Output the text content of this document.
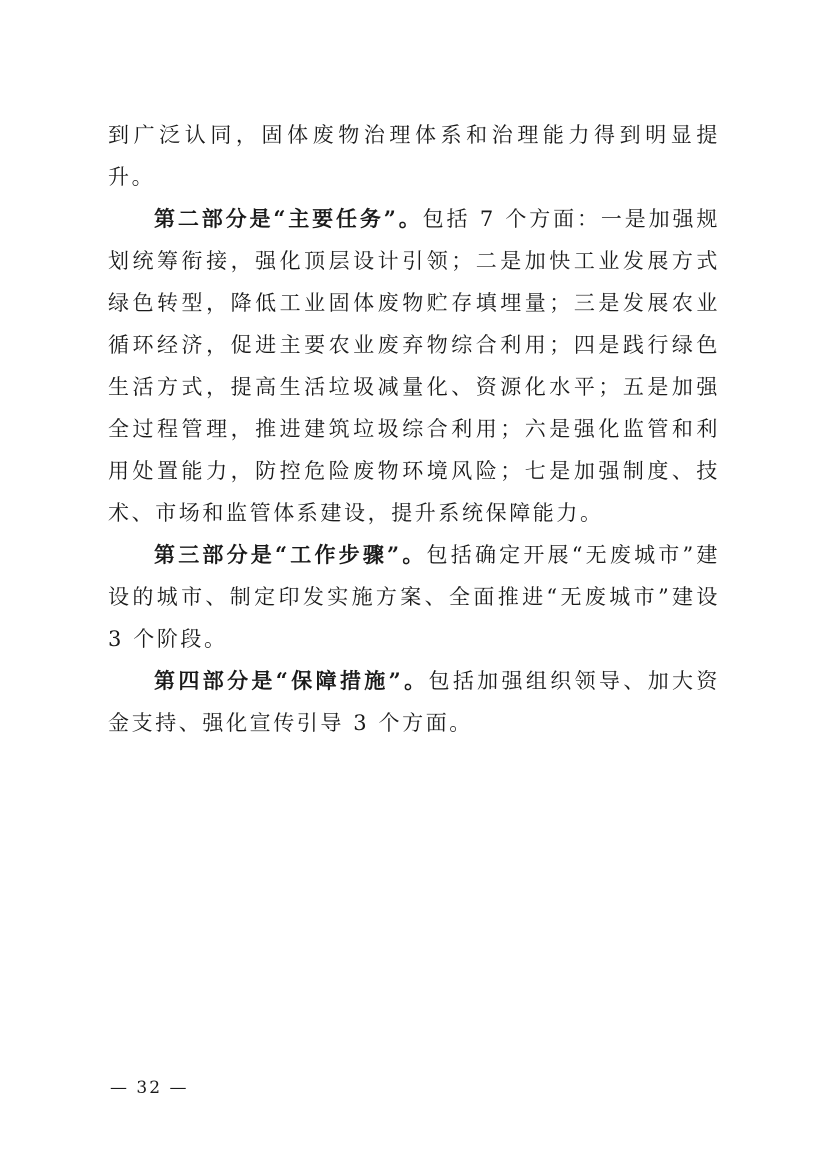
到广泛认同，固体废物治理体系和治理能力得到明显提升。

第二部分是“主要任务”。包括 7 个方面：一是加强规划统筹衔接，强化顶层设计引领；二是加快工业发展方式绿色转型，降低工业固体废物贮存填埋量；三是发展农业循环经济，促进主要农业废弃物综合利用；四是践行绿色生活方式，提高生活垃圾减量化、资源化水平；五是加强全过程管理，推进建筑垃圾综合利用；六是强化监管和利用处置能力，防控危险废物环境风险；七是加强制度、技术、市场和监管体系建设，提升系统保障能力。

第三部分是“工作步骤”。包括确定开展“无废城市”建设的城市、制定印发实施方案、全面推进“无废城市”建设 3 个阶段。

第四部分是“保障措施”。包括加强组织领导、加大资金支持、强化宣传引导 3 个方面。

— 32 —
